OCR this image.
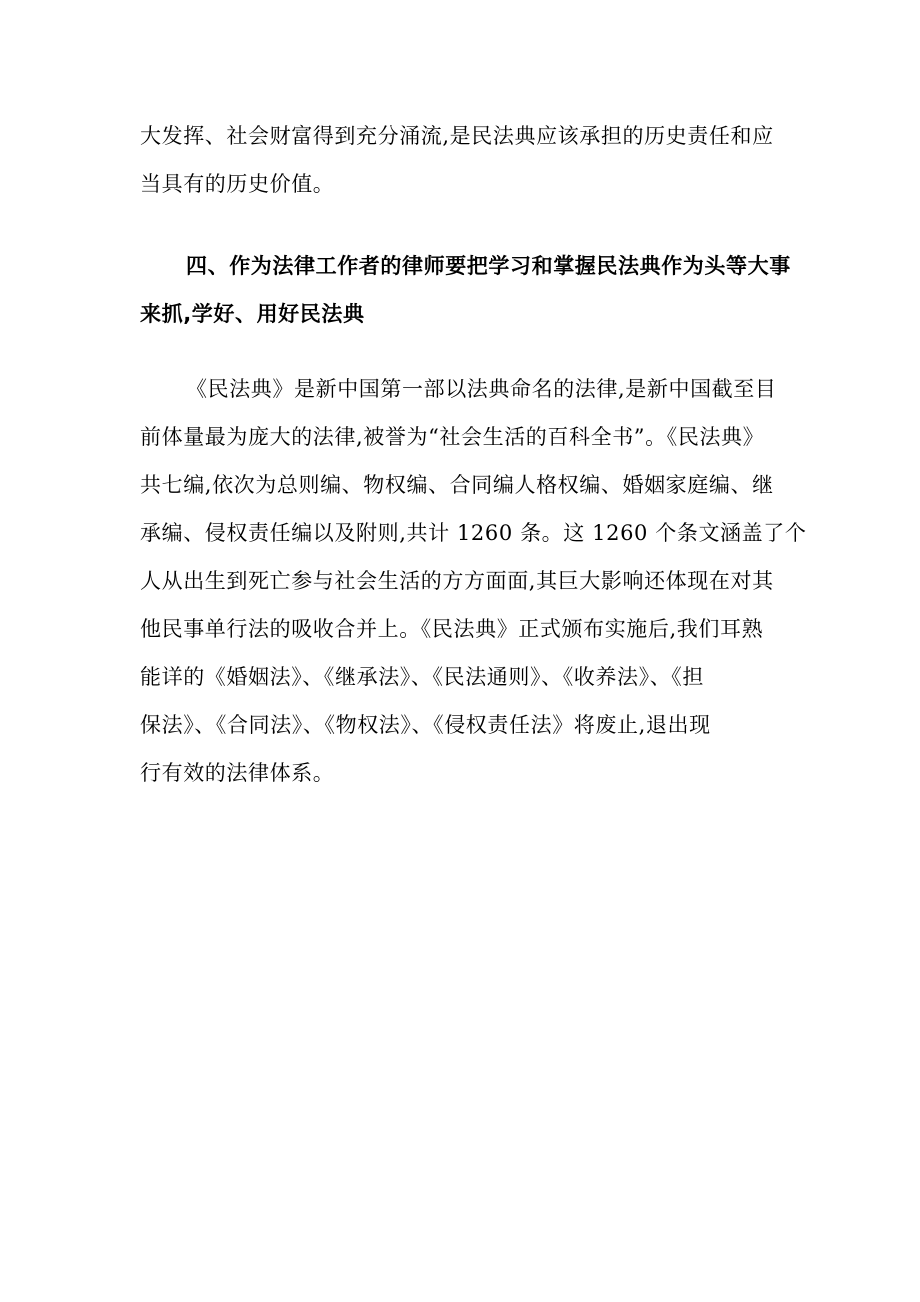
大发挥、社会财富得到充分涌流,是民法典应该承担的历史责任和应
当具有的历史价值。
四、作为法律工作者的律师要把学习和掌握民法典作为头等大事
来抓,学好、用好民法典
《民法典》是新中国第一部以法典命名的法律,是新中国截至目
前体量最为庞大的法律,被誉为“社会生活的百科全书”。《民法典》
共七编,依次为总则编、物权编、合同编人格权编、婚姻家庭编、继
承编、侵权责任编以及附则,共计 1260 条。这 1260 个条文涵盖了个
人从出生到死亡参与社会生活的方方面面,其巨大影响还体现在对其
他民事单行法的吸收合并上。《民法典》正式颁布实施后,我们耳熟
能详的《婚姻法》、《继承法》、《民法通则》、《收养法》、《担
保法》、《合同法》、《物权法》、《侵权责任法》将废止,退出现
行有效的法律体系。
